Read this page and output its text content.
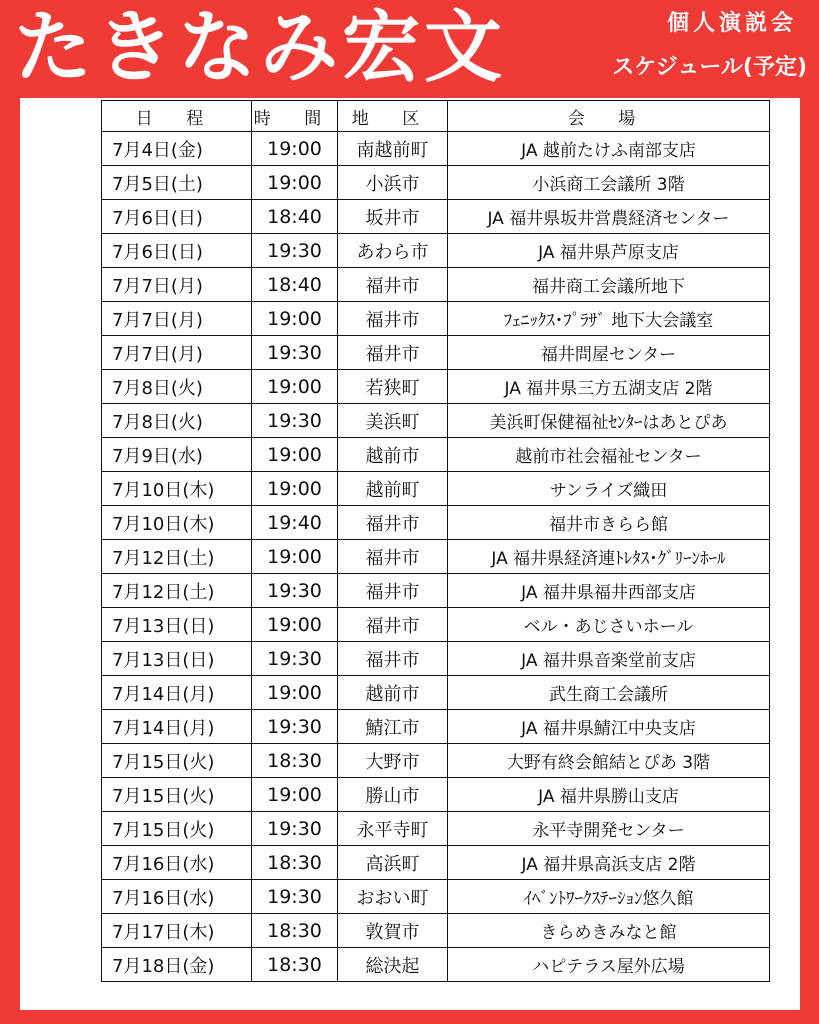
たきなみ宏文	個人演説会
スケジュール(予定)
日 程	時 間	地 区	会 場
7月4日(金)	19:00	南越前町	JA 越前たけふ南部支店
7月5日(土)	19:00	小浜市	小浜商工会議所 3階
7月6日(日)	18:40	坂井市	JA 福井県坂井営農経済センター
7月6日(日)	19:30	あわら市	JA 福井県芦原支店
7月7日(月)	18:40	福井市	福井商工会議所地下
7月7日(月)	19:00	福井市	ﾌｪﾆｯｸｽ･ﾌﾟﾗｻﾞ 地下大会議室
7月7日(月)	19:30	福井市	福井問屋センター
7月8日(火)	19:00	若狭町	JA 福井県三方五湖支店 2階
7月8日(火)	19:30	美浜町	美浜町保健福祉ｾﾝﾀｰはあとぴあ
7月9日(水)	19:00	越前市	越前市社会福祉センター
7月10日(木)	19:00	越前町	サンライズ織田
7月10日(木)	19:40	福井市	福井市きらら館
7月12日(土)	19:00	福井市	JA 福井県経済連ﾄﾚﾀｽ･ｸﾞﾘｰﾝﾎｰﾙ
7月12日(土)	19:30	福井市	JA 福井県福井西部支店
7月13日(日)	19:00	福井市	ベル・あじさいホール
7月13日(日)	19:30	福井市	JA 福井県音楽堂前支店
7月14日(月)	19:00	越前市	武生商工会議所
7月14日(月)	19:30	鯖江市	JA 福井県鯖江中央支店
7月15日(火)	18:30	大野市	大野有終会館結とぴあ 3階
7月15日(火)	19:00	勝山市	JA 福井県勝山支店
7月15日(火)	19:30	永平寺町	永平寺開発センター
7月16日(水)	18:30	高浜町	JA 福井県高浜支店 2階
7月16日(水)	19:30	おおい町	ｲﾍﾞﾝﾄﾜｰｸｽﾃｰｼｮﾝ悠久館
7月17日(木)	18:30	敦賀市	きらめきみなと館
7月18日(金)	18:30	総決起	ハピテラス屋外広場
